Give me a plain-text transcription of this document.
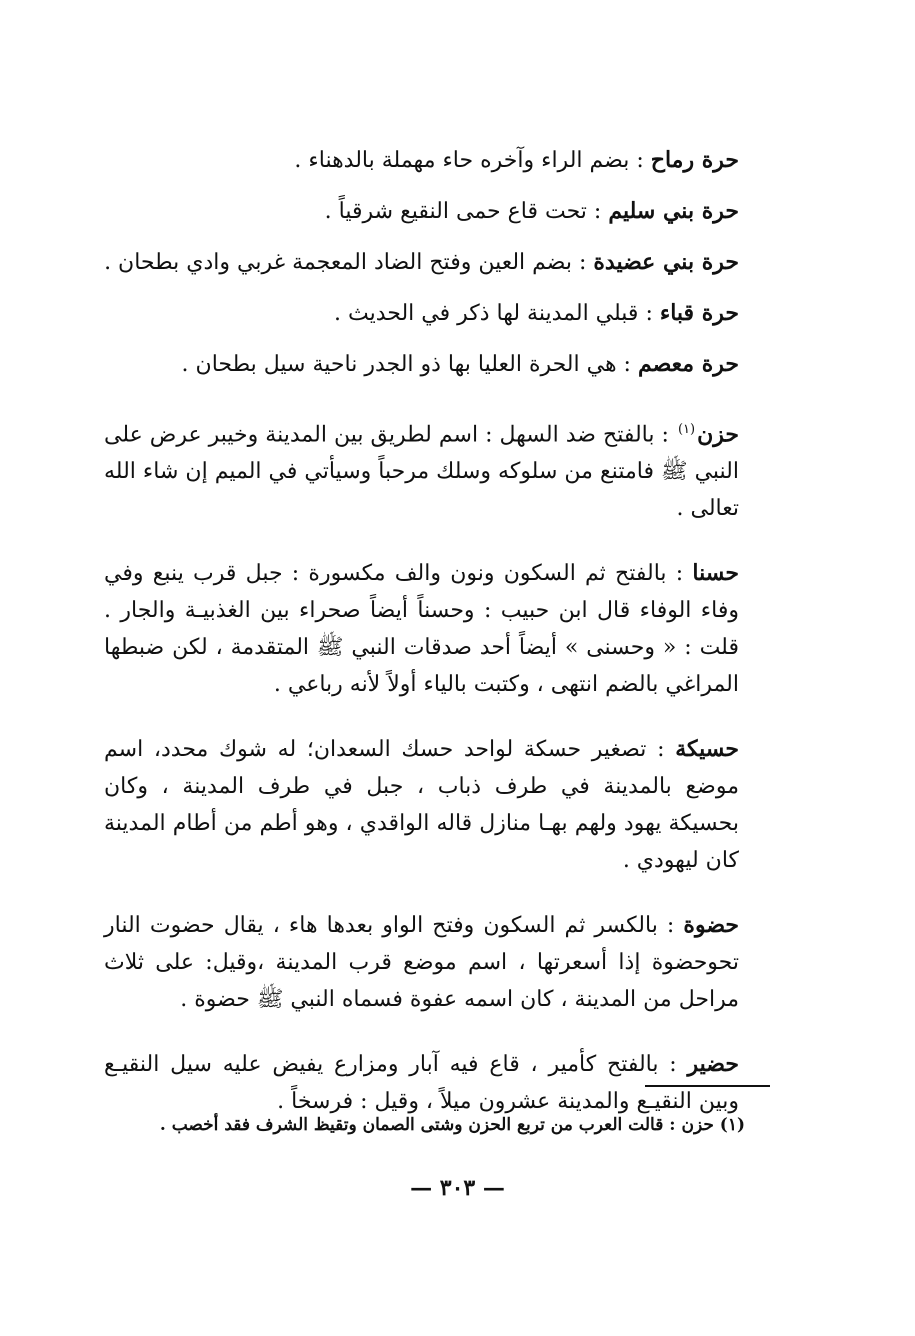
حرة رماح : بضم الراء وآخره حاء مهملة بالدهناء .

حرة بني سليم : تحت قاع حمى النقيع شرقياً .

حرة بني عضيدة : بضم العين وفتح الضاد المعجمة غربي وادي بطحان .

حرة قباء : قبلي المدينة لها ذكر في الحديث .

حرة معصم : هي الحرة العليا بها ذو الجدر ناحية سيل بطحان .

حزن$^{(١)}$ : بالفتح ضد السهل : اسم لطريق بين المدينة وخيبر عرض على النبي ﷺ فامتنع من سلوكه وسلك مرحباً وسيأتي في الميم إن شاء الله تعالى .

حسنا : بالفتح ثم السكون ونون والف مكسورة : جبل قرب ينبع وفي وفاء الوفاء قال ابن حبيب : وحسناً أيضاً صحراء بين الغذبيـة والجار . قلت : « وحسنى » أيضاً أحد صدقات النبي ﷺ المتقدمة ، لكن ضبطها المراغي بالضم انتهى ، وكتبت بالياء أولاً لأنه رباعي .

حسيكة : تصغير حسكة لواحد حسك السعدان؛ له شوك محدد، اسم موضع بالمدينة في طرف ذباب ، جبل في طرف المدينة ، وكان بحسيكة يهود ولهم بهـا منازل قاله الواقدي ، وهو أطم من أطام المدينة كان ليهودي .

حضوة : بالكسر ثم السكون وفتح الواو بعدها هاء ، يقال حضوت النار تحوحضوة إذا أسعرتها ، اسم موضع قرب المدينة ،وقيل: على ثلاث مراحل من المدينة ، كان اسمه عفوة فسماه النبي ﷺ حضوة .

حضير : بالفتح كأمير ، قاع فيه آبار ومزارع يفيض عليه سيل النقيـع وبين النقيـع والمدينة عشرون ميلاً ، وقيل : فرسخاً .

(١) حزن : قالت العرب من تربع الحزن وشتى الصمان وتقيظ الشرف فقد أخصب .
— ٣٠٣ —
